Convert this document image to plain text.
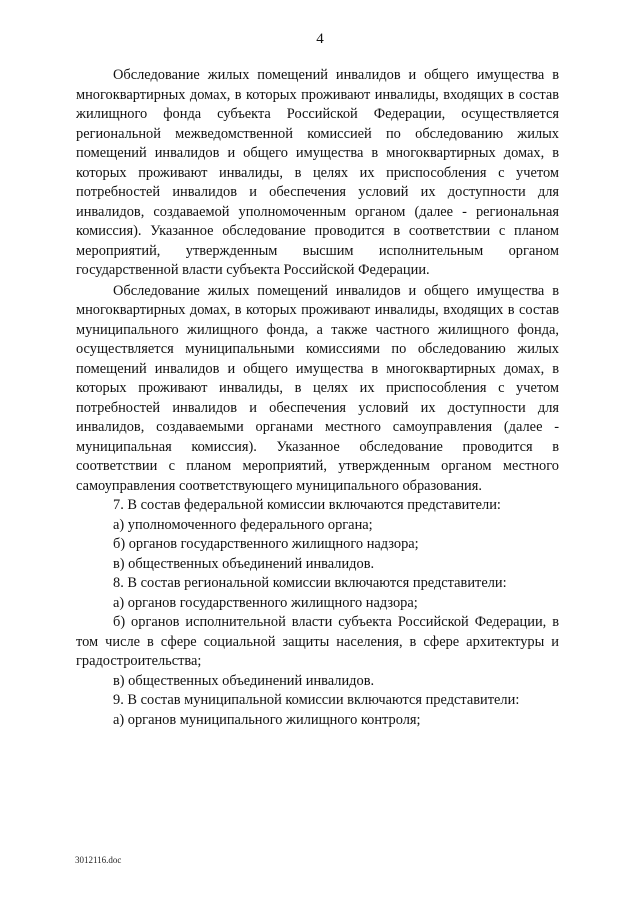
4

Обследование жилых помещений инвалидов и общего имущества в многоквартирных домах, в которых проживают инвалиды, входящих в состав жилищного фонда субъекта Российской Федерации, осуществляется региональной межведомственной комиссией по обследованию жилых помещений инвалидов и общего имущества в многоквартирных домах, в которых проживают инвалиды, в целях их приспособления с учетом потребностей инвалидов и обеспечения условий их доступности для инвалидов, создаваемой уполномоченным органом (далее - региональная комиссия). Указанное обследование проводится в соответствии с планом мероприятий, утвержденным высшим исполнительным органом государственной власти субъекта Российской Федерации.

Обследование жилых помещений инвалидов и общего имущества в многоквартирных домах, в которых проживают инвалиды, входящих в состав муниципального жилищного фонда, а также частного жилищного фонда, осуществляется муниципальными комиссиями по обследованию жилых помещений инвалидов и общего имущества в многоквартирных домах, в которых проживают инвалиды, в целях их приспособления с учетом потребностей инвалидов и обеспечения условий их доступности для инвалидов, создаваемыми органами местного самоуправления (далее - муниципальная комиссия). Указанное обследование проводится в соответствии с планом мероприятий, утвержденным органом местного самоуправления соответствующего муниципального образования.

7. В состав федеральной комиссии включаются представители:

а) уполномоченного федерального органа;

б) органов государственного жилищного надзора;

в) общественных объединений инвалидов.

8. В состав региональной комиссии включаются представители:

а) органов государственного жилищного надзора;

б) органов исполнительной власти субъекта Российской Федерации, в том числе в сфере социальной защиты населения, в сфере архитектуры и градостроительства;

в) общественных объединений инвалидов.

9. В состав муниципальной комиссии включаются представители:

а) органов муниципального жилищного контроля;

3012116.doc
